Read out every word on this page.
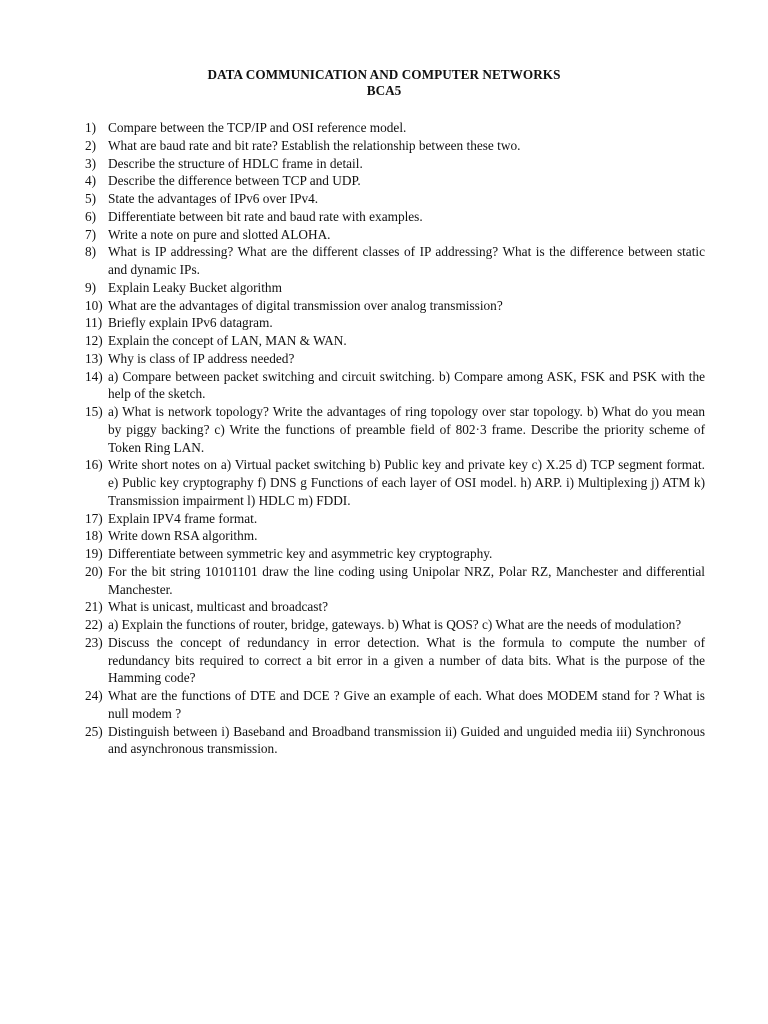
DATA COMMUNICATION AND COMPUTER NETWORKS
BCA5
1) Compare between the TCP/IP and OSI reference model.
2) What are baud rate and bit rate? Establish the relationship between these two.
3) Describe the structure of HDLC frame in detail.
4) Describe the difference between TCP and UDP.
5) State the advantages of IPv6 over IPv4.
6) Differentiate between bit rate and baud rate with examples.
7) Write a note on pure and slotted ALOHA.
8) What is IP addressing? What are the different classes of IP addressing? What is the difference between static and dynamic IPs.
9) Explain Leaky Bucket algorithm
10) What are the advantages of digital transmission over analog transmission?
11) Briefly explain IPv6 datagram.
12) Explain the concept of LAN, MAN & WAN.
13) Why is class of IP address needed?
14) a) Compare between packet switching and circuit switching. b) Compare among ASK, FSK and PSK with the help of the sketch.
15) a) What is network topology? Write the advantages of ring topology over star topology. b) What do you mean by piggy backing? c) Write the functions of preamble field of 802·3 frame. Describe the priority scheme of Token Ring LAN.
16) Write short notes on a) Virtual packet switching b) Public key and private key c) X.25 d) TCP segment format. e) Public key cryptography f) DNS g Functions of each layer of OSI model. h) ARP. i) Multiplexing j) ATM k) Transmission impairment l) HDLC m) FDDI.
17) Explain IPV4 frame format.
18) Write down RSA algorithm.
19) Differentiate between symmetric key and asymmetric key cryptography.
20) For the bit string 10101101 draw the line coding using Unipolar NRZ, Polar RZ, Manchester and differential Manchester.
21) What is unicast, multicast and broadcast?
22) a) Explain the functions of router, bridge, gateways. b) What is QOS? c) What are the needs of modulation?
23) Discuss the concept of redundancy in error detection. What is the formula to compute the number of redundancy bits required to correct a bit error in a given a number of data bits. What is the purpose of the Hamming code?
24) What are the functions of DTE and DCE ? Give an example of each. What does MODEM stand for ? What is null modem ?
25) Distinguish between i) Baseband and Broadband transmission ii) Guided and unguided media iii) Synchronous and asynchronous transmission.
